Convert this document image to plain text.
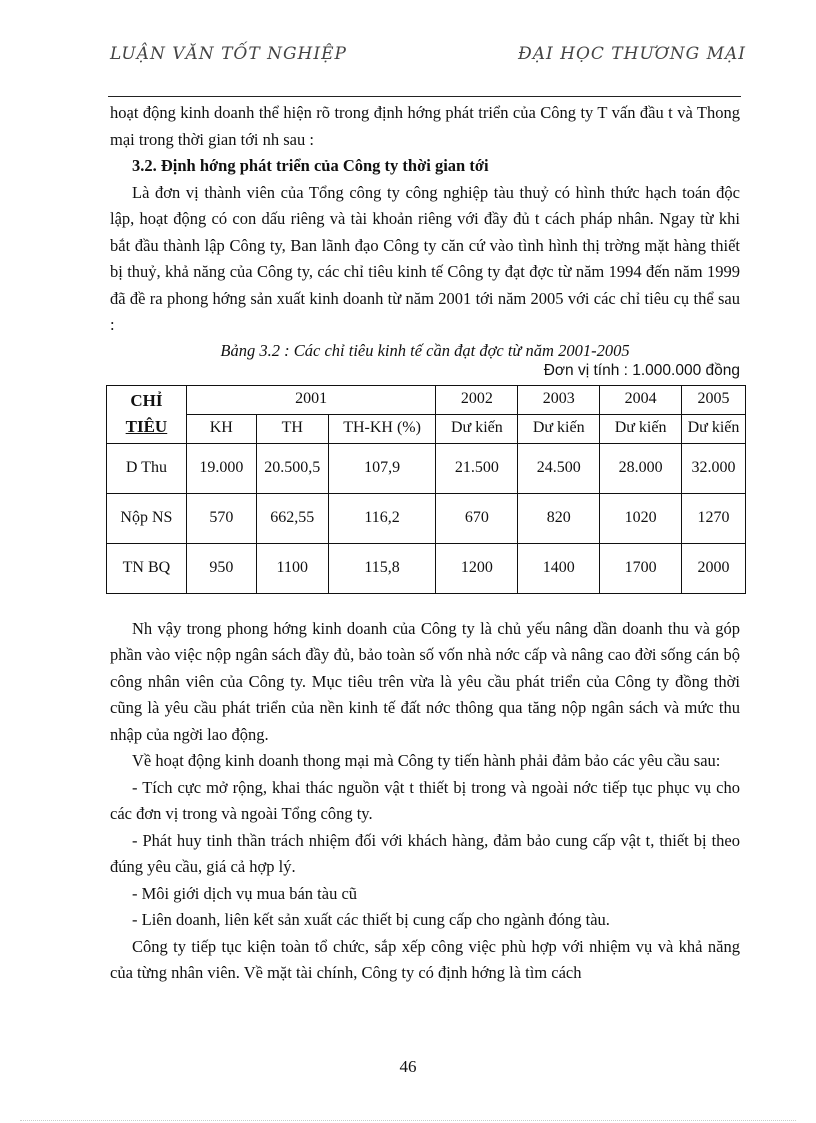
LUẬN VĂN TỐT NGHIỆP	ĐẠI HỌC THƯƠNG MẠI

hoạt động kinh doanh thể hiện rõ trong định hớng phát triển của Công ty T vấn đầu t và Thong mại trong thời gian tới nh sau :

3.2. Định hớng phát triển của Công ty thời gian tới

Là đơn vị thành viên của Tổng công ty công nghiệp tàu thuỷ có hình thức hạch toán độc lập, hoạt động có con dấu riêng và tài khoản riêng với đầy đủ t cách pháp nhân. Ngay từ khi bắt đầu thành lập Công ty, Ban lãnh đạo Công ty căn cứ vào tình hình thị trờng mặt hàng thiết bị thuỷ, khả năng của Công ty, các chỉ tiêu kinh tế Công ty đạt đợc từ năm 1994 đến năm 1999 đã đề ra phong hớng sản xuất kinh doanh từ năm 2001 tới năm 2005 với các chỉ tiêu cụ thể sau :

Bảng 3.2 : Các chỉ tiêu kinh tế cần đạt đợc từ năm 2001-2005
Đơn vị tính : 1.000.000 đồng
CHỈ
TIÊU	2001			2002	2003	2004	2005
	KH	TH	TH-KH (%)	Dư kiến	Dư kiến	Dư kiến	Dư kiến
D Thu	19.000	20.500,5	107,9	21.500	24.500	28.000	32.000
Nộp NS	570	662,55	116,2	670	820	1020	1270
TN BQ	950	1100	115,8	1200	1400	1700	2000

Nh vậy trong phong hớng kinh doanh của Công ty là chủ yếu nâng dần doanh thu và góp phần vào việc nộp ngân sách đầy đủ, bảo toàn số vốn nhà nớc cấp và nâng cao đời sống cán bộ công nhân viên của Công ty. Mục tiêu trên vừa là yêu cầu phát triển của Công ty đồng thời cũng là yêu cầu phát triển của nền kinh tế đất nớc thông qua tăng nộp ngân sách và mức thu nhập của ngời lao động.

Về hoạt động kinh doanh thong mại mà Công ty tiến hành phải đảm bảo các yêu cầu sau:

- Tích cực mở rộng, khai thác nguồn vật t thiết bị trong và ngoài nớc tiếp tục phục vụ cho các đơn vị trong và ngoài Tổng công ty.

- Phát huy tinh thần trách nhiệm đối với khách hàng, đảm bảo cung cấp vật t, thiết bị theo đúng yêu cầu, giá cả hợp lý.

- Môi giới dịch vụ mua bán tàu cũ

- Liên doanh, liên kết sản xuất các thiết bị cung cấp cho ngành đóng tàu.

Công ty tiếp tục kiện toàn tổ chức, sắp xếp công việc phù hợp với nhiệm vụ và khả năng của từng nhân viên. Về mặt tài chính, Công ty có định hớng là tìm cách

46
